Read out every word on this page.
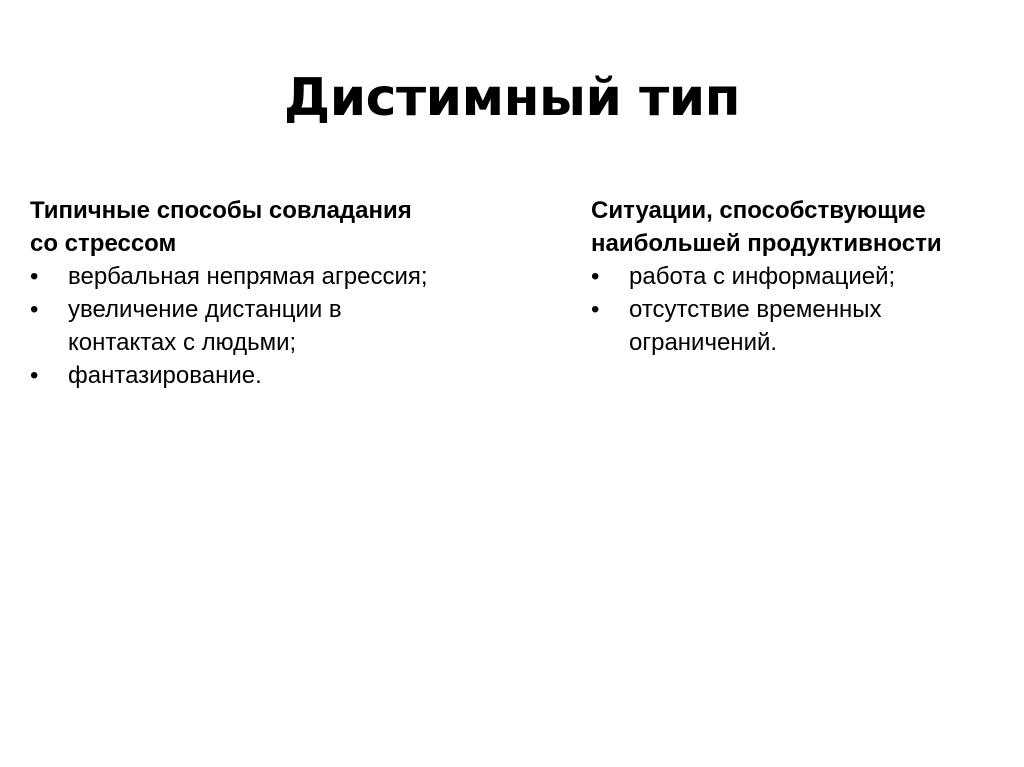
Дистимный тип

Типичные способы совладания
со стрессом

• вербальная непрямая агрессия;
• увеличение дистанции в
контактах с людьми;
• фантазирование.

Ситуации, способствующие
наибольшей продуктивности

• работа с информацией;
• отсутствие временных
ограничений.
